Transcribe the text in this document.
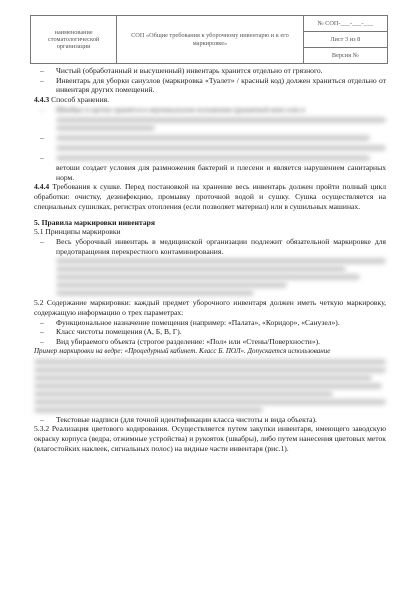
наименование стоматологической организации	СОП «Общие требования к уборочному инвентарю и к его маркировке»	
№ СОП-___-___-___
Лист 3 из 8
Версия №

– Чистый (обработанный и высушенный) инвентарь хранится отдельно от грязного.

– Инвентарь для уборки санузлов (маркировка «Туалет» / красный код) должен храниться отдельно от инвентаря других помещений.

4.4.3 Способ хранения.

– Швабры и щетки хранятся в вертикальном положении (рукояткой вниз или в

–

–

ветоши создает условия для размножения бактерий и плесени и является нарушением санитарных норм.

4.4.4 Требования к сушке. Перед постановкой на хранение весь инвентарь должен пройти полный цикл обработки: очистку, дезинфекцию, промывку проточной водой и сушку. Сушка осуществляется на специальных сушилках, регистрах отопления (если позволяет материал) или в сушильных машинах.

5. Правила маркировки инвентаря

5.1 Принципы маркировки

– Весь уборочный инвентарь в медицинской организации подлежит обязательной маркировке для предотвращения перекрестного контаминирования.

5.2 Содержание маркировки: каждый предмет уборочного инвентаря должен иметь четкую маркировку, содержащую информацию о трех параметрах:

– Функциональное назначение помещения (например: «Палата», «Коридор», «Санузел»).

– Класс чистоты помещения (А, Б, В, Г).

– Вид убираемого объекта (строгое разделение: «Пол» или «Стены/Поверхности»).

Пример маркировки на ведре: «Процедурный кабинет. Класс Б. ПОЛ». Допускается использование

– Текстовые надписи (для точной идентификации класса чистоты и вида объекта).

5.3.2 Реализация цветового кодирования. Осуществляется путем закупки инвентаря, имеющего заводскую окраску корпуса (ведра, отжимные устройства) и рукояток (швабры), либо путем нанесения цветовых меток (влагостойких наклеек, сигнальных полос) на видные части инвентаря (рис.1).
